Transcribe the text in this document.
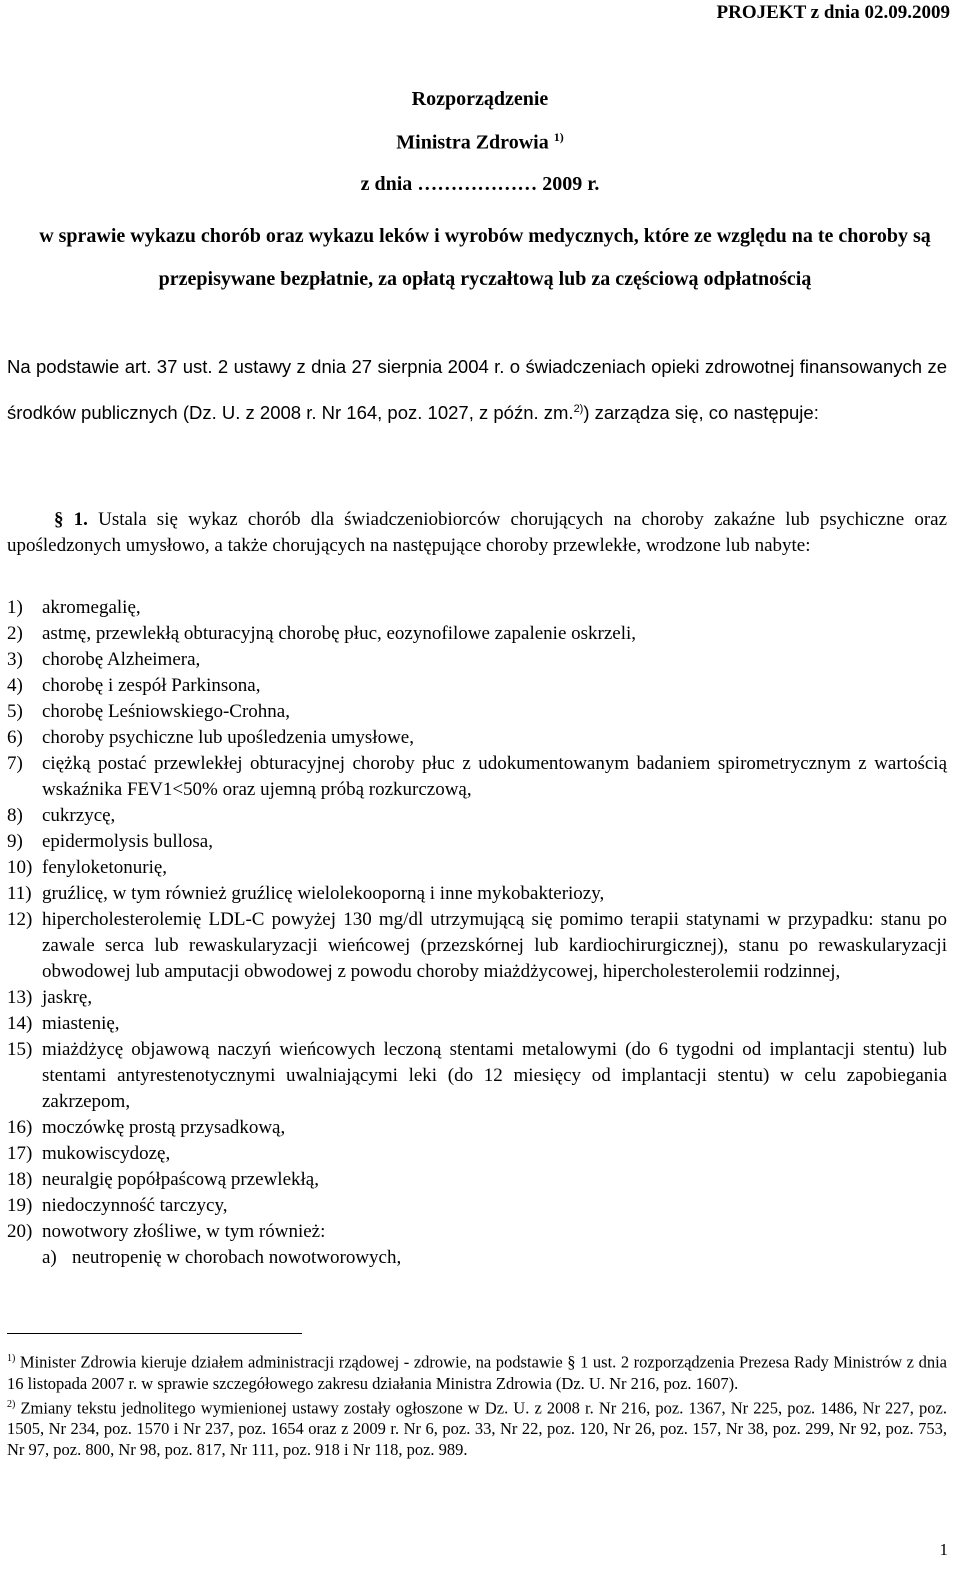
PROJEKT z dnia 02.09.2009
Rozporządzenie
Ministra Zdrowia $^{1)}$
z dnia ……………… 2009 r.
w sprawie wykazu chorób oraz wykazu leków i wyrobów medycznych, które ze względu na te choroby są przepisywane bezpłatnie, za opłatą ryczałtową lub za częściową odpłatnością
Na podstawie art. 37 ust. 2 ustawy z dnia 27 sierpnia 2004 r. o świadczeniach opieki zdrowotnej finansowanych ze środków publicznych (Dz. U. z 2008 r. Nr 164, poz. 1027, z późn. zm.$^{2)}$) zarządza się, co następuje:
§ 1. Ustala się wykaz chorób dla świadczeniobiorców chorujących na choroby zakaźne lub psychiczne oraz upośledzonych umysłowo, a także chorujących na następujące choroby przewlekłe, wrodzone lub nabyte:
1)	akromegalię,
2)	astmę, przewlekłą obturacyjną chorobę płuc, eozynofilowe zapalenie oskrzeli,
3)	chorobę Alzheimera,
4)	chorobę i zespół Parkinsona,
5)	chorobę Leśniowskiego-Crohna,
6)	choroby psychiczne lub upośledzenia umysłowe,
7)	ciężką postać przewlekłej obturacyjnej choroby płuc z udokumentowanym badaniem spirometrycznym z wartością wskaźnika FEV1<50% oraz ujemną próbą rozkurczową,
8)	cukrzycę,
9)	epidermolysis bullosa,
10) fenyloketonurię,
11) gruźlicę, w tym również gruźlicę wielolekooporną i inne mykobakteriozy,
12) hipercholesterolemię LDL-C powyżej 130 mg/dl utrzymującą się pomimo terapii statynami w przypadku: stanu po zawale serca lub rewaskularyzacji wieńcowej (przezskórnej lub kardiochirurgicznej), stanu po rewaskularyzacji obwodowej lub amputacji obwodowej z powodu choroby miażdżycowej, hipercholesterolemii rodzinnej,
13) jaskrę,
14) miastenię,
15) miażdżycę objawową naczyń wieńcowych leczoną stentami metalowymi (do 6 tygodni od implantacji stentu) lub stentami antyrestenotycznymi uwalniającymi leki (do 12 miesięcy od implantacji stentu) w celu zapobiegania zakrzepom,
16) moczówkę prostą przysadkową,
17) mukowiscydozę,
18) neuralgię popółpaścową przewlekłą,
19) niedoczynność tarczycy,
20) nowotwory złośliwe, w tym również:
a) neutropenię w chorobach nowotworowych,

$^{1)}$ Minister Zdrowia kieruje działem administracji rządowej - zdrowie, na podstawie § 1 ust. 2 rozporządzenia Prezesa Rady Ministrów z dnia 16 listopada 2007 r. w sprawie szczegółowego zakresu działania Ministra Zdrowia (Dz. U. Nr 216, poz. 1607).

$^{2)}$ Zmiany tekstu jednolitego wymienionej ustawy zostały ogłoszone w Dz. U. z 2008 r. Nr 216, poz. 1367, Nr 225, poz. 1486, Nr 227, poz. 1505, Nr 234, poz. 1570 i Nr 237, poz. 1654 oraz z 2009 r. Nr 6, poz. 33, Nr 22, poz. 120, Nr 26, poz. 157, Nr 38, poz. 299, Nr 92, poz. 753, Nr 97, poz. 800, Nr 98, poz. 817, Nr 111, poz. 918 i Nr 118, poz. 989.

1
